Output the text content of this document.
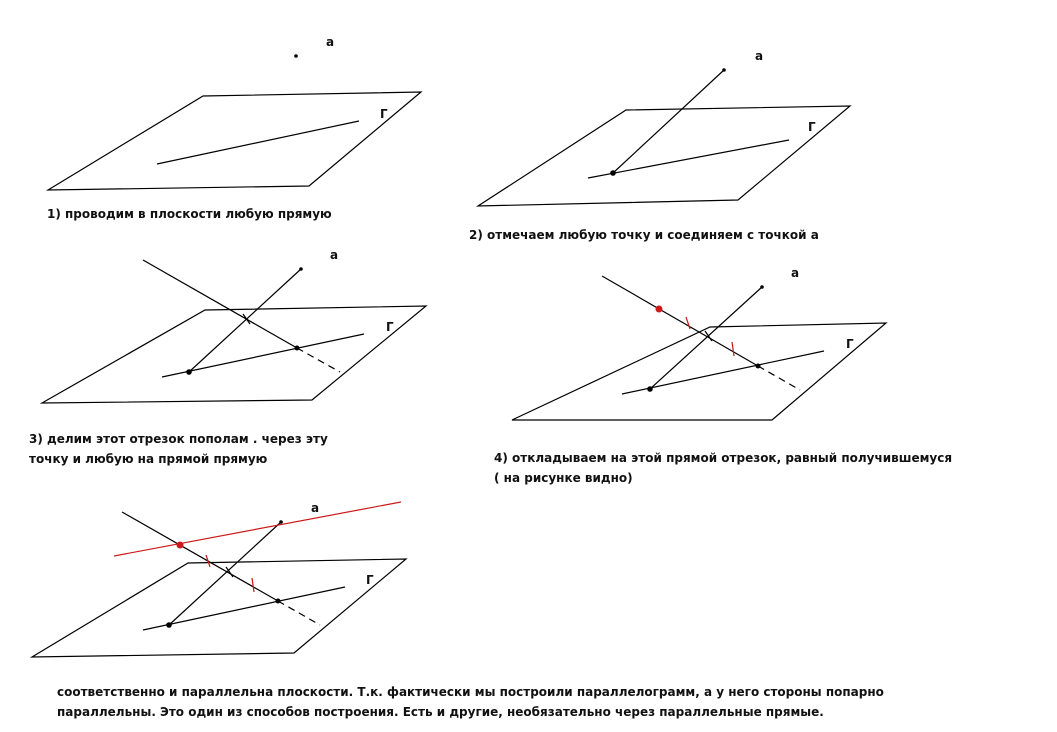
a
Γ
a
Γ
a
Γ
a
Γ
a
Γ
1) проводим в плоскости любую прямую
2) отмечаем любую точку и соединяем с точкой а
3) делим этот отрезок пополам . через эту
точку и любую на прямой прямую	4) откладываем на этой прямой отрезок, равный получившемуся
( на рисунке видно)
соответственно и параллельна плоскости. Т.к. фактически мы построили параллелограмм, а у него стороны попарно
параллельны. Это один из способов построения. Есть и другие, необязательно через параллельные прямые.
